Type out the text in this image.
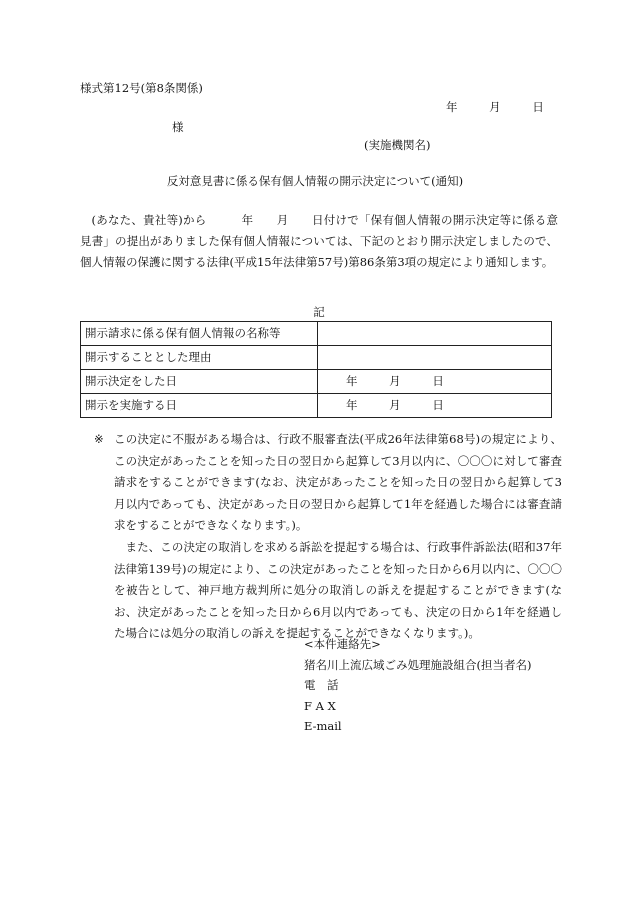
様式第12号(第8条関係)
年	月	日
様
(実施機関名)
反対意見書に係る保有個人情報の開示決定について(通知)
(あなた、貴社等)から　　　年　　月　　日付けで「保有個人情報の開示決定等に係る意見書」の提出がありました保有個人情報については、下記のとおり開示決定しましたので、個人情報の保護に関する法律(平成15年法律第57号)第86条第3項の規定により通知します。
記
開示請求に係る保有個人情報の名称等	
開示することとした理由	
開示決定をした日	年 月 日
開示を実施する日	年 月 日
※ この決定に不服がある場合は、行政不服審査法(平成26年法律第68号)の規定により、この決定があったことを知った日の翌日から起算して3月以内に、〇〇〇に対して審査請求をすることができます(なお、決定があったことを知った日の翌日から起算して3月以内であっても、決定があった日の翌日から起算して1年を経過した場合には審査請求をすることができなくなります。)。
また、この決定の取消しを求める訴訟を提起する場合は、行政事件訴訟法(昭和37年法律第139号)の規定により、この決定があったことを知った日から6月以内に、〇〇〇を被告として、神戸地方裁判所に処分の取消しの訴えを提起することができます(なお、決定があったことを知った日から6月以内であっても、決定の日から1年を経過した場合には処分の取消しの訴えを提起することができなくなります。)。
<本件連絡先>
猪名川上流広域ごみ処理施設組合(担当者名)
電　話
F A X
E-mail
